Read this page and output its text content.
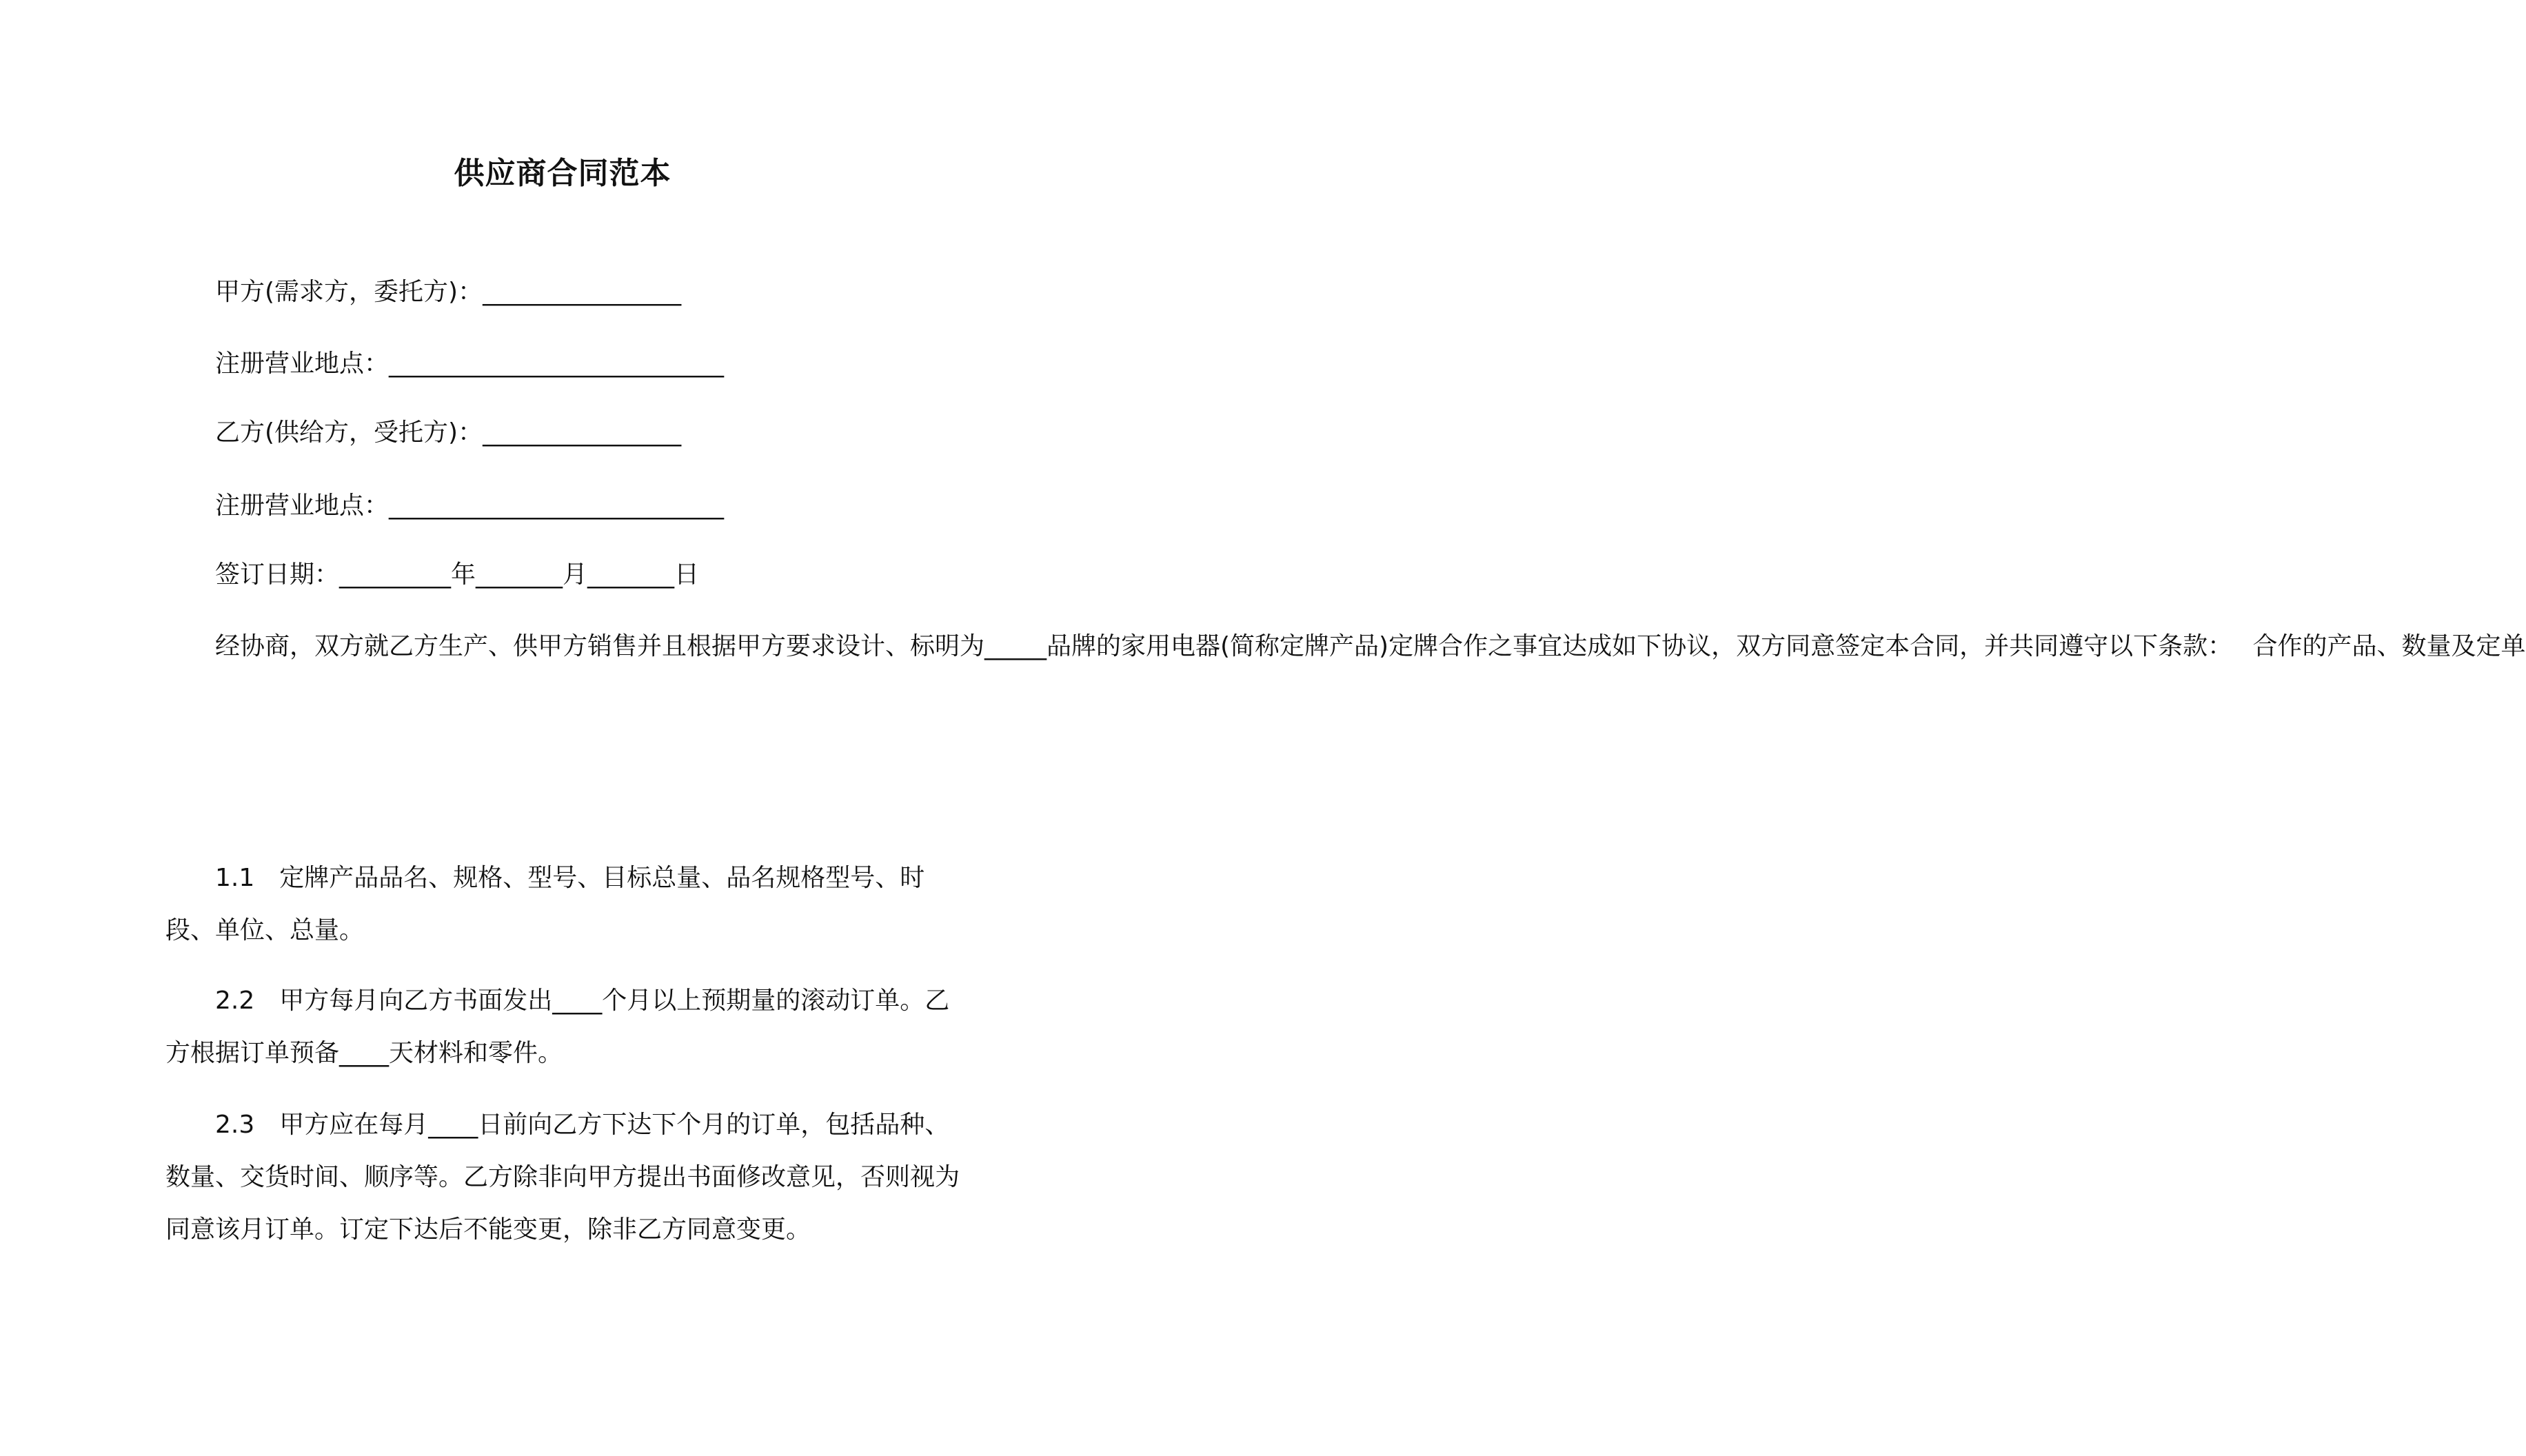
供应商合同范本

甲方(需求方，委托方)：________________

注册营业地点：___________________________

乙方(供给方，受托方)：________________

注册营业地点：___________________________

签订日期：_________年_______月_______日

经协商，双方就乙方生产、供甲方销售并且根据甲方要求设计、标明为_____品牌的家用电器(简称定牌产品)定牌合作之事宜达成如下协议，双方同意签定本合同，并共同遵守以下条款：　 合作的产品、数量及定单

1.1  定牌产品品名、规格、型号、目标总量、品名规格型号、时段、单位、总量。

2.2  甲方每月向乙方书面发出____个月以上预期量的滚动订单。乙方根据订单预备____天材料和零件。

2.3  甲方应在每月____日前向乙方下达下个月的订单，包括品种、数量、交货时间、顺序等。乙方除非向甲方提出书面修改意见，否则视为同意该月订单。订定下达后不能变更，除非乙方同意变更。
